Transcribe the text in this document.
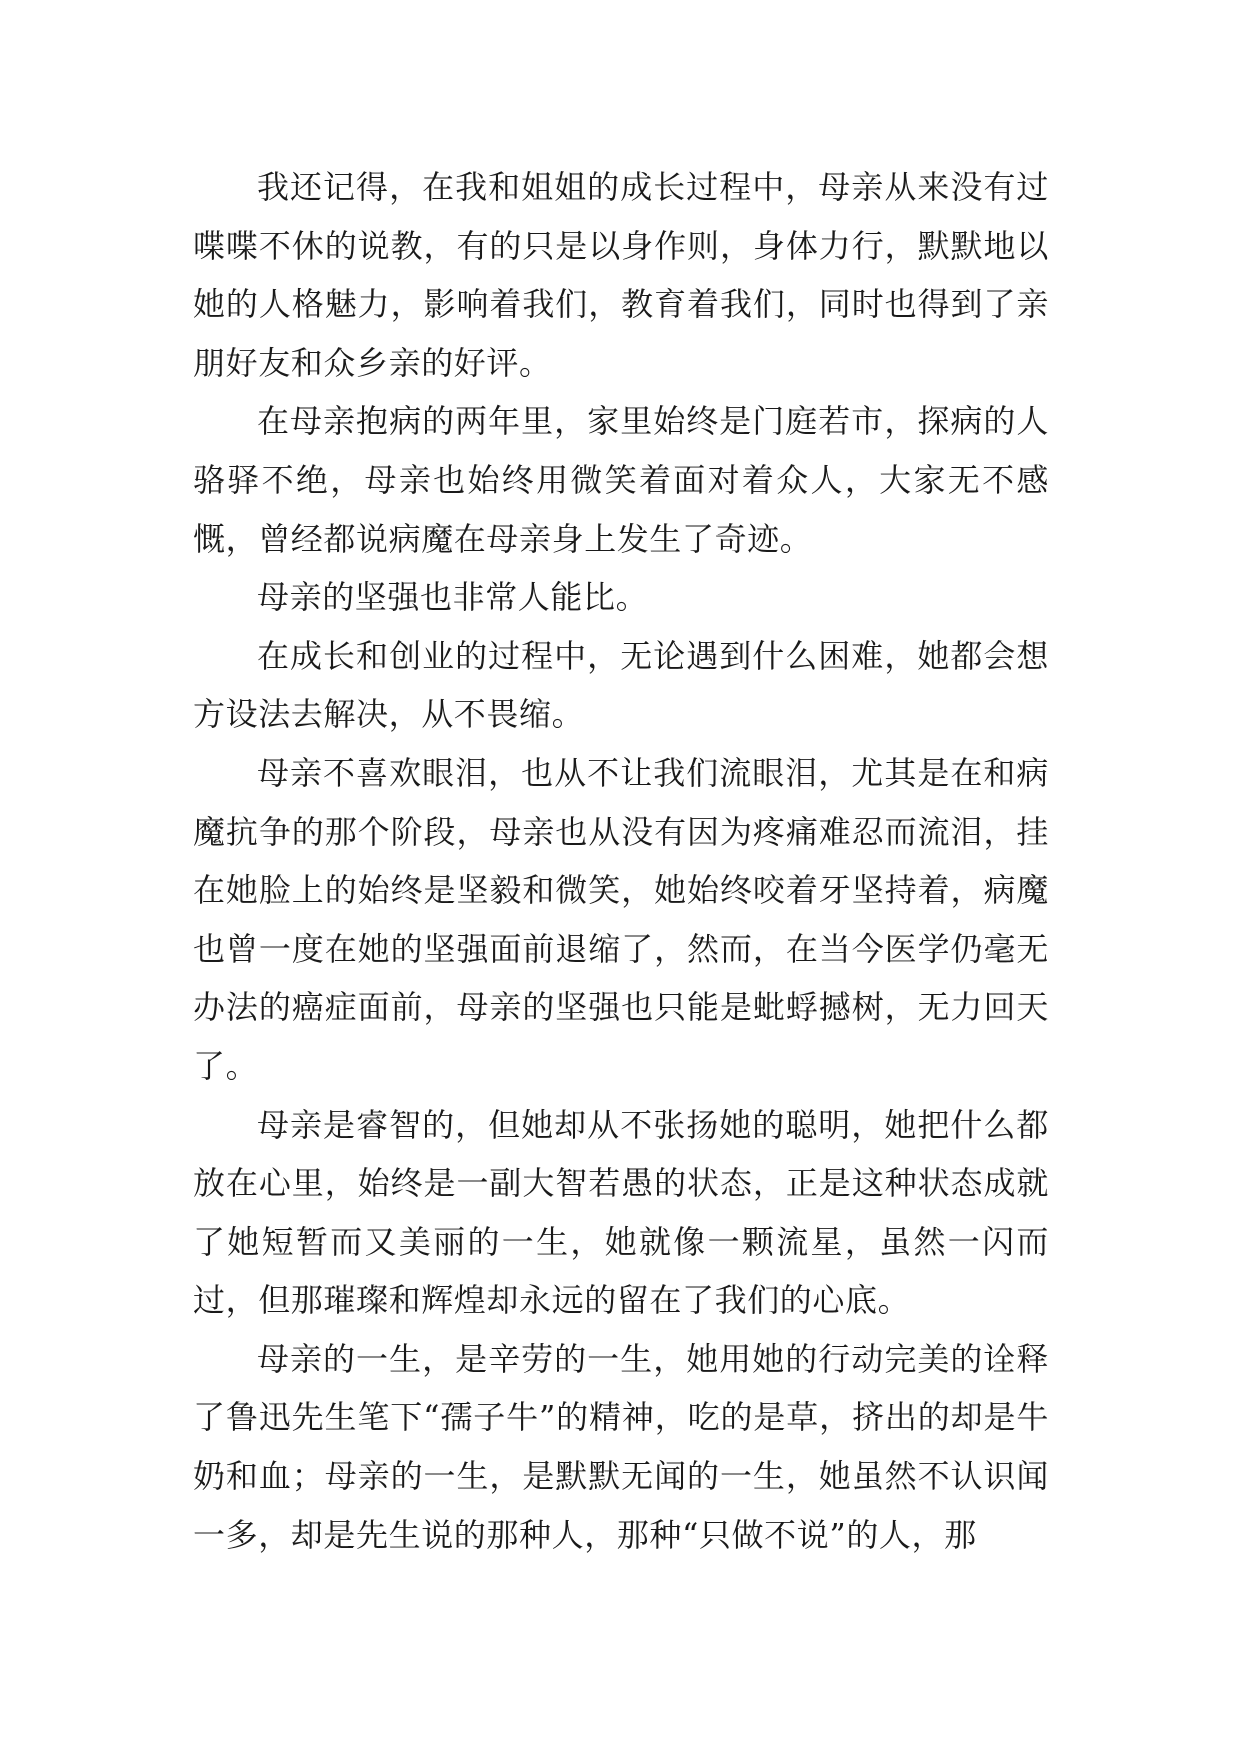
我还记得，在我和姐姐的成长过程中，母亲从来没有过喋喋不休的说教，有的只是以身作则，身体力行，默默地以她的人格魅力，影响着我们，教育着我们，同时也得到了亲朋好友和众乡亲的好评。

在母亲抱病的两年里，家里始终是门庭若市，探病的人骆驿不绝，母亲也始终用微笑着面对着众人，大家无不感慨，曾经都说病魔在母亲身上发生了奇迹。

母亲的坚强也非常人能比。

在成长和创业的过程中，无论遇到什么困难，她都会想方设法去解决，从不畏缩。

母亲不喜欢眼泪，也从不让我们流眼泪，尤其是在和病魔抗争的那个阶段，母亲也从没有因为疼痛难忍而流泪，挂在她脸上的始终是坚毅和微笑，她始终咬着牙坚持着，病魔也曾一度在她的坚强面前退缩了，然而，在当今医学仍毫无办法的癌症面前，母亲的坚强也只能是蚍蜉撼树，无力回天了。

母亲是睿智的，但她却从不张扬她的聪明，她把什么都放在心里，始终是一副大智若愚的状态，正是这种状态成就了她短暂而又美丽的一生，她就像一颗流星，虽然一闪而过，但那璀璨和辉煌却永远的留在了我们的心底。

母亲的一生，是辛劳的一生，她用她的行动完美的诠释了鲁迅先生笔下“孺子牛”的精神，吃的是草，挤出的却是牛奶和血；母亲的一生，是默默无闻的一生，她虽然不认识闻一多，却是先生说的那种人，那种“只做不说”的人，那
